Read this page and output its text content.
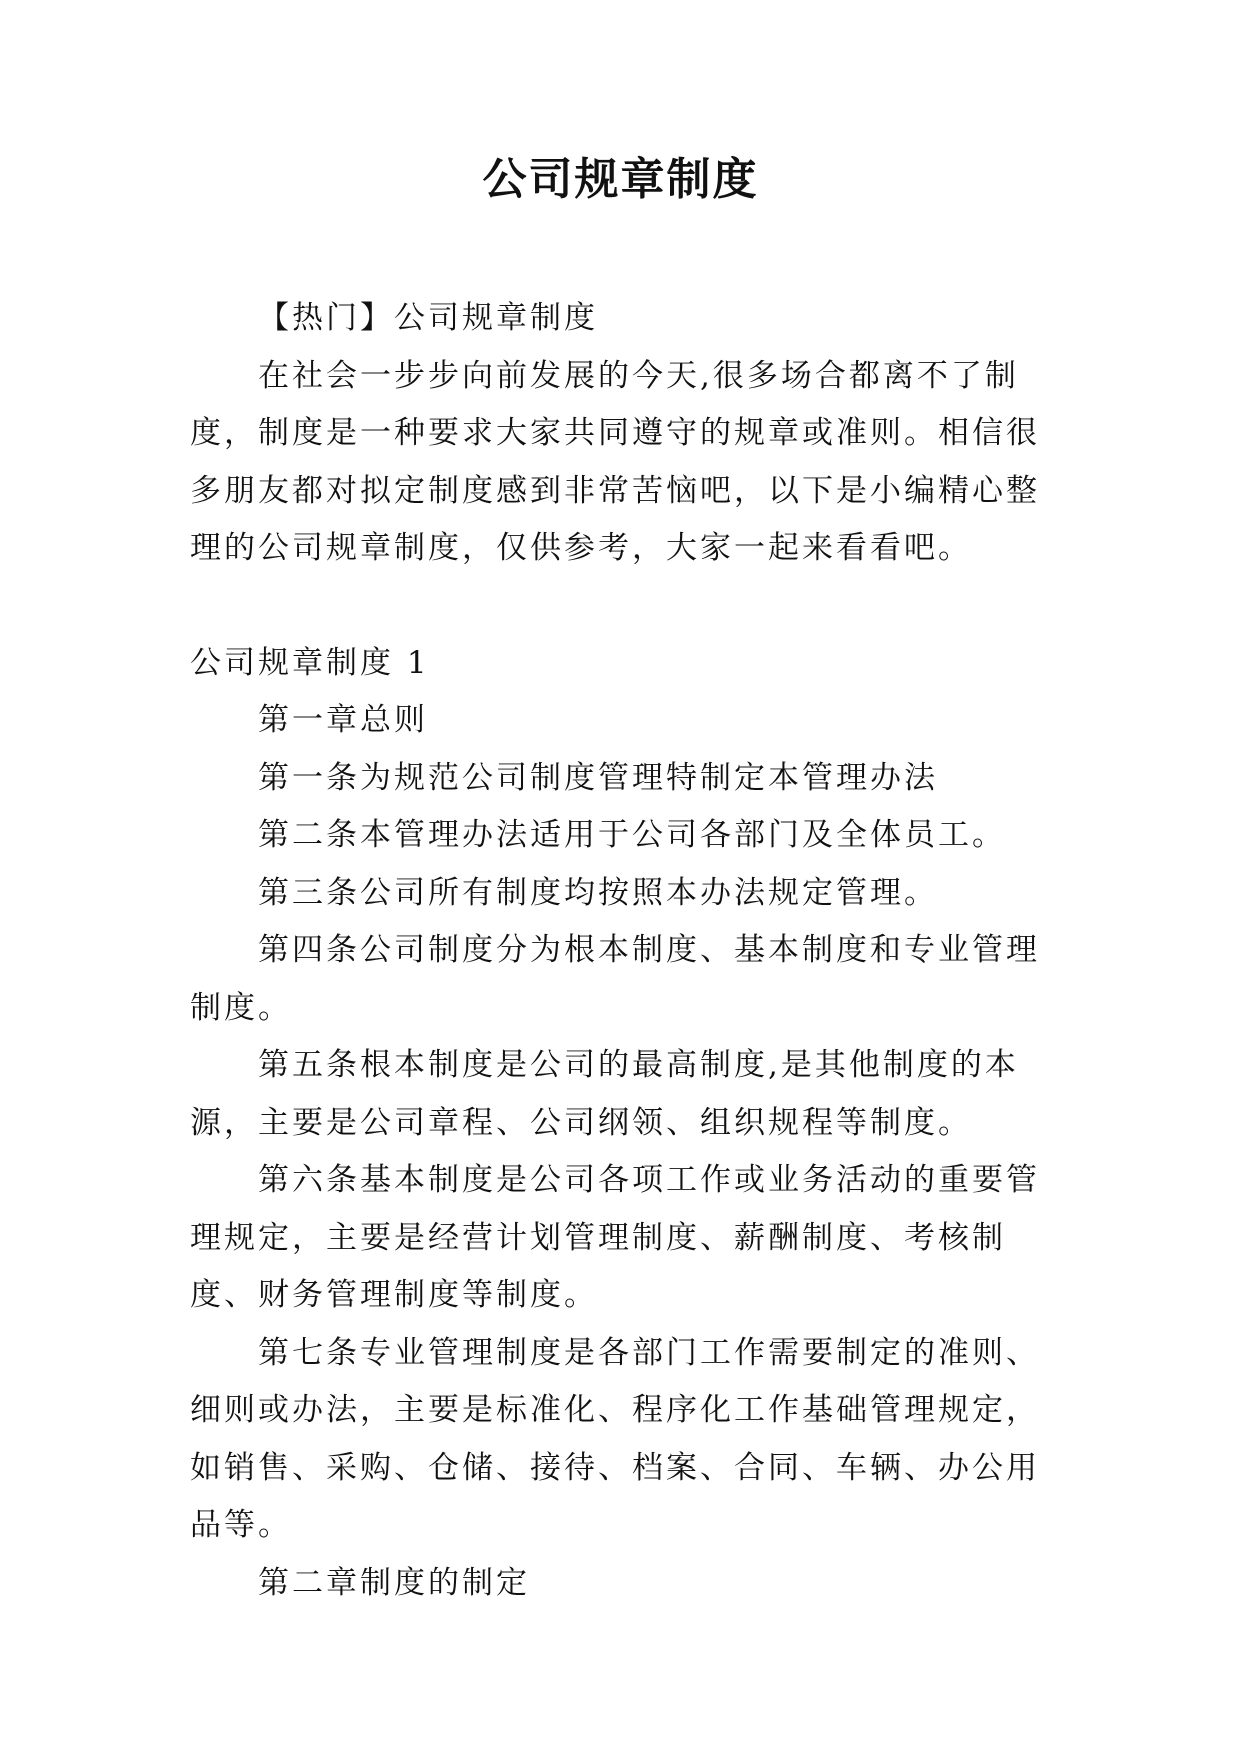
公司规章制度

【热门】公司规章制度

在社会一步步向前发展的今天,很多场合都离不了制度，制度是一种要求大家共同遵守的规章或准则。相信很多朋友都对拟定制度感到非常苦恼吧，以下是小编精心整理的公司规章制度，仅供参考，大家一起来看看吧。

公司规章制度 1

第一章总则

第一条为规范公司制度管理特制定本管理办法

第二条本管理办法适用于公司各部门及全体员工。

第三条公司所有制度均按照本办法规定管理。

第四条公司制度分为根本制度、基本制度和专业管理制度。

第五条根本制度是公司的最高制度,是其他制度的本源，主要是公司章程、公司纲领、组织规程等制度。

第六条基本制度是公司各项工作或业务活动的重要管理规定，主要是经营计划管理制度、薪酬制度、考核制度、财务管理制度等制度。

第七条专业管理制度是各部门工作需要制定的准则、细则或办法，主要是标准化、程序化工作基础管理规定，如销售、采购、仓储、接待、档案、合同、车辆、办公用品等。

第二章制度的制定
